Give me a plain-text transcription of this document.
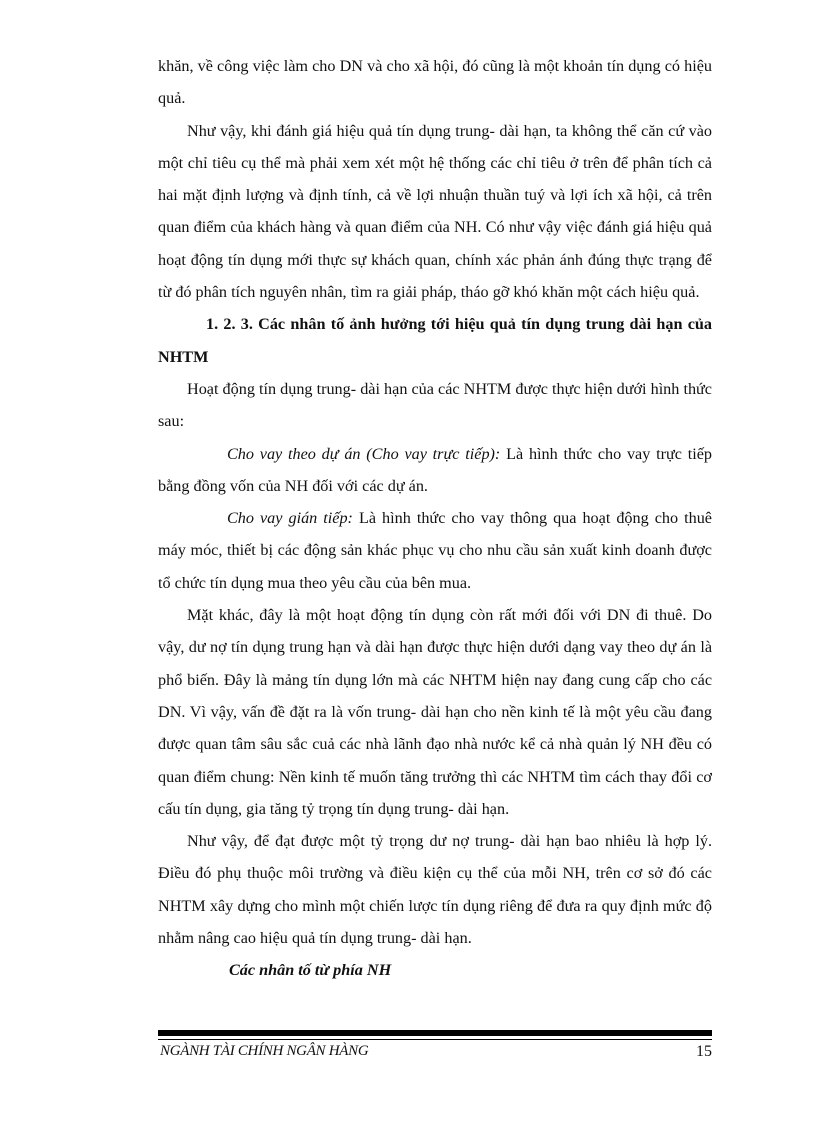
khăn, về công việc làm cho DN và cho xã hội, đó cũng là một khoản tín dụng có hiệu quả.

Như vậy, khi đánh giá hiệu quả tín dụng trung- dài hạn, ta không thể căn cứ vào một chỉ tiêu cụ thể mà phải xem xét một hệ thống các chỉ tiêu ở trên để phân tích cả hai mặt định lượng và định tính, cả về lợi nhuận thuần tuý và lợi ích xã hội, cả trên quan điểm của khách hàng và quan điểm của NH. Có như vậy việc đánh giá hiệu quả hoạt động tín dụng mới thực sự khách quan, chính xác phản ánh đúng thực trạng để từ đó phân tích nguyên nhân, tìm ra giải pháp, tháo gỡ khó khăn một cách hiệu quả.

1. 2. 3. Các nhân tố ảnh hưởng tới hiệu quả tín dụng trung dài hạn của NHTM

Hoạt động tín dụng trung- dài hạn của các NHTM được thực hiện dưới hình thức sau:

Cho vay theo dự án (Cho vay trực tiếp): Là hình thức cho vay trực tiếp bằng đồng vốn của NH đối với các dự án.

Cho vay gián tiếp: Là hình thức cho vay thông qua hoạt động cho thuê máy móc, thiết bị các động sản khác phục vụ cho nhu cầu sản xuất kinh doanh được tổ chức tín dụng mua theo yêu cầu của bên mua.

Mặt khác, đây là một hoạt động tín dụng còn rất mới đối với DN đi thuê. Do vậy, dư nợ tín dụng trung hạn và dài hạn được thực hiện dưới dạng vay theo dự án là phổ biến. Đây là mảng tín dụng lớn mà các NHTM hiện nay đang cung cấp cho các DN. Vì vậy, vấn đề đặt ra là vốn trung- dài hạn cho nền kinh tế là một yêu cầu đang được quan tâm sâu sắc cuả các nhà lãnh đạo nhà nước kể cả nhà quản lý NH đều có quan điểm chung: Nền kinh tế muốn tăng trưởng thì các NHTM tìm cách thay đổi cơ cấu tín dụng, gia tăng tỷ trọng tín dụng trung- dài hạn.

Như vậy, để đạt được một tỷ trọng dư nợ trung- dài hạn bao nhiêu là hợp lý. Điều đó phụ thuộc môi trường và điều kiện cụ thể của mỗi NH, trên cơ sở đó các NHTM xây dựng cho mình một chiến lược tín dụng riêng để đưa ra quy định mức độ nhằm nâng cao hiệu quả tín dụng trung- dài hạn.

Các nhân tố từ phía NH

NGÀNH TÀI CHÍNH NGÂN HÀNG	15
